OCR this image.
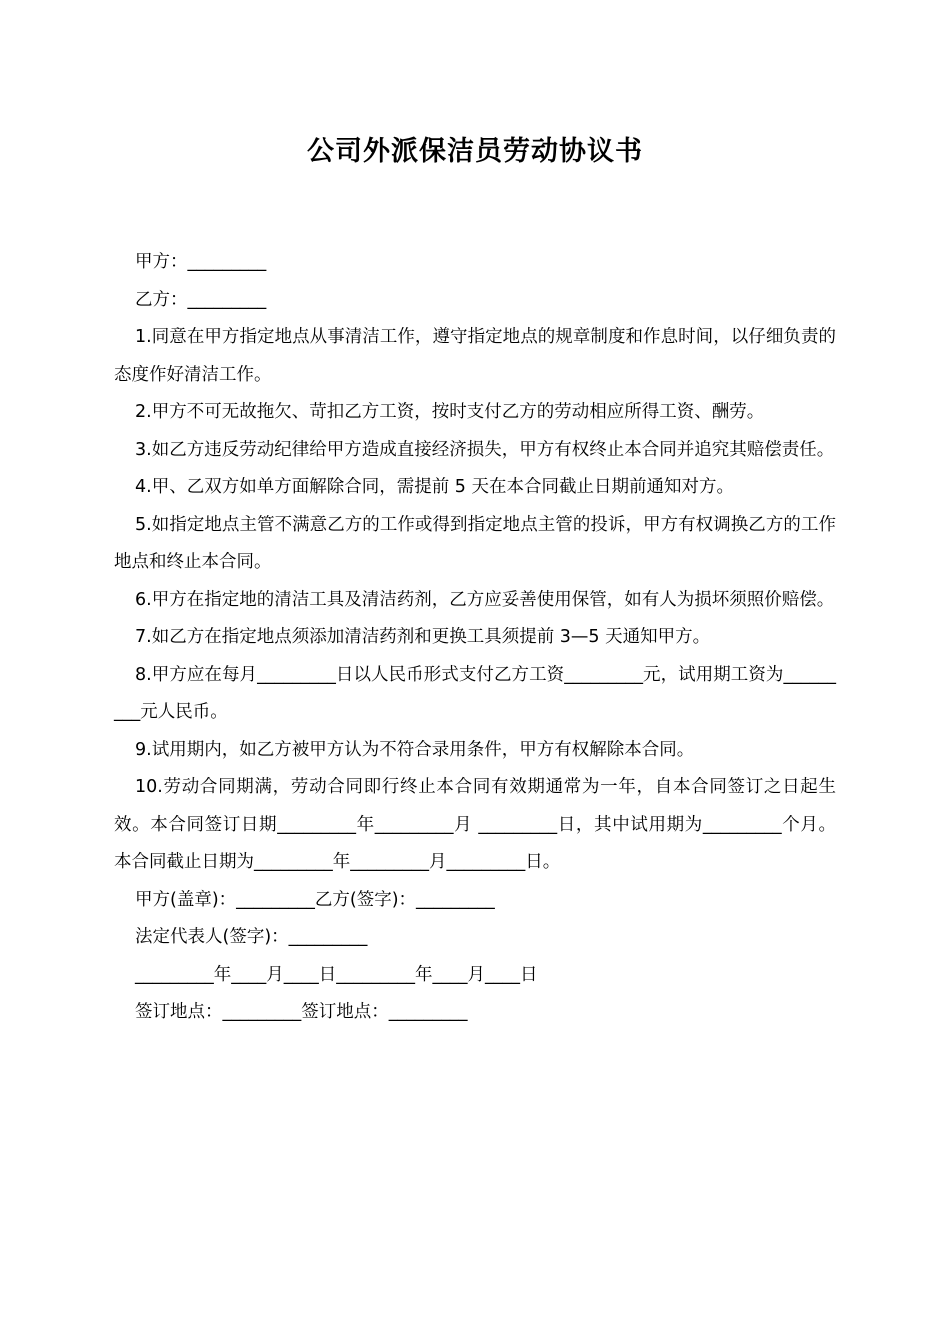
公司外派保洁员劳动协议书

甲方：_________

乙方：_________

1.同意在甲方指定地点从事清洁工作，遵守指定地点的规章制度和作息时间，以仔细负责的态度作好清洁工作。

2.甲方不可无故拖欠、苛扣乙方工资，按时支付乙方的劳动相应所得工资、酬劳。

3.如乙方违反劳动纪律给甲方造成直接经济损失，甲方有权终止本合同并追究其赔偿责任。

4.甲、乙双方如单方面解除合同，需提前 5 天在本合同截止日期前通知对方。

5.如指定地点主管不满意乙方的工作或得到指定地点主管的投诉，甲方有权调换乙方的工作地点和终止本合同。

6.甲方在指定地的清洁工具及清洁药剂，乙方应妥善使用保管，如有人为损坏须照价赔偿。

7.如乙方在指定地点须添加清洁药剂和更换工具须提前 3—5 天通知甲方。

8.甲方应在每月_________日以人民币形式支付乙方工资_________元，试用期工资为_________元人民币。

9.试用期内，如乙方被甲方认为不符合录用条件，甲方有权解除本合同。

10.劳动合同期满，劳动合同即行终止本合同有效期通常为一年，自本合同签订之日起生效。本合同签订日期_________年_________月 _________日，其中试用期为_________个月。本合同截止日期为_________年_________月_________日。

甲方(盖章)：_________乙方(签字)：_________

法定代表人(签字)：_________

_________年____月____日_________年____月____日

签订地点：_________签订地点：_________
